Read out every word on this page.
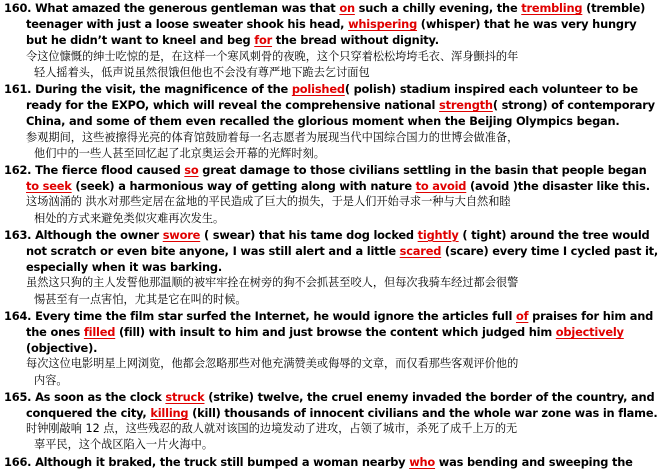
160. What amazed the generous gentleman was that on such a chilly evening, the trembling (tremble)
teenager with just a loose sweater shook his head, whispering (whisper) that he was very hungry
but he didn’t want to kneel and beg for the bread without dignity.
令这位慷慨的绅士吃惊的是，在这样一个寒风刺骨的夜晚，这个只穿着松松垮垮毛衣、浑身颤抖的年
轻人摇着头，低声说虽然很饿但他也不会没有尊严地下跪去乞讨面包
161. During the visit, the magnificence of the polished( polish) stadium inspired each volunteer to be
ready for the EXPO, which will reveal the comprehensive national strength( strong) of contemporary
China, and some of them even recalled the glorious moment when the Beijing Olympics began.
参观期间，这些被擦得光亮的体育馆鼓励着每一名志愿者为展现当代中国综合国力的世博会做准备，
他们中的一些人甚至回忆起了北京奥运会开幕的光辉时刻。
162. The fierce flood caused so great damage to those civilians settling in the basin that people began
to seek (seek) a harmonious way of getting along with nature to avoid (avoid )the disaster like this.
这场汹涌的 洪水对那些定居在盆地的平民造成了巨大的损失，于是人们开始寻求一种与大自然和睦
相处的方式来避免类似灾难再次发生。
163. Although the owner swore ( swear) that his tame dog locked tightly ( tight) around the tree would
not scratch or even bite anyone, I was still alert and a little scared (scare) every time I cycled past it,
especially when it was barking.
虽然这只狗的主人发誓他那温顺的被牢牢拴在树旁的狗不会抓甚至咬人，但每次我骑车经过都会很警
惕甚至有一点害怕，尤其是它在叫的时候。
164. Every time the film star surfed the Internet, he would ignore the articles full of praises for him and
the ones filled (fill) with insult to him and just browse the content which judged him objectively
(objective).
每次这位电影明星上网浏览，他都会忽略那些对他充满赞美或侮辱的文章，而仅看那些客观评价他的
内容。
165. As soon as the clock struck (strike) twelve, the cruel enemy invaded the border of the country, and
conquered the city, killing (kill) thousands of innocent civilians and the whole war zone was in flame.
时钟刚敲响 12 点，这些残忍的敌人就对该国的边境发动了进攻，占领了城市，杀死了成千上万的无
辜平民，这个战区陷入一片火海中。
166. Although it braked, the truck still bumped a woman nearby who was bending and sweeping the
